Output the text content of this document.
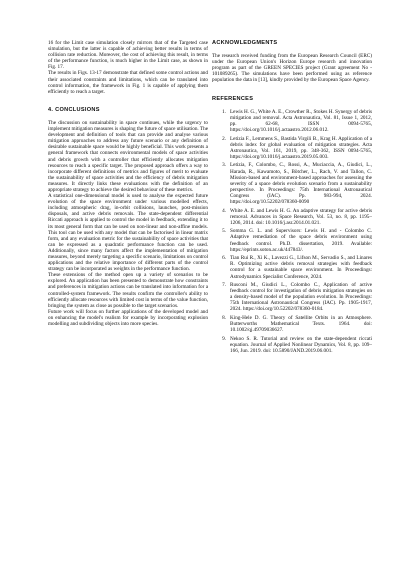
16 for the Limit case simulation closely mirrors that of the Targeted case simulation, but the latter is capable of achieving better results in terms of collision rate reduction. Moreover, the cost of achieving this result, in terms of the performance function, is much higher in the Limit case, as shown in Fig. 17.

The results in Figs. 13-17 demonstrate that defined some control actions and their associated constraints and limitations, which can be translated into control information, the framework in Fig. 1 is capable of applying them efficiently to reach a target.

4. CONCLUSIONS

The discussion on sustainability in space continues, while the urgency to implement mitigation measures is shaping the future of space utilisation. The development and definition of tools that can provide and analyse various mitigation approaches to address any future scenario or any definition of desirable sustainable space would be highly beneficial. This work presents a general framework that connects environmental models of space activities and debris growth with a controller that efficiently allocates mitigation resources to reach a specific target. The proposed approach offers a way to incorporate different definitions of metrics and figures of merit to evaluate the sustainability of space activities and the efficiency of debris mitigation measures. It directly links these evaluations with the definition of an appropriate strategy to achieve the desired behaviour of these metrics.

A statistical one-dimensional model is used to analyse the expected future evolution of the space environment under various modelled effects, including atmospheric drag, in-orbit collisions, launches, post-mission disposals, and active debris removals. The state-dependent differential Riccati approach is applied to control the model in feedback, extending it to its most general form that can be used on non-linear and non-affine models. This tool can be used with any model that can be factorised in linear matrix form, and any evaluation metric for the sustainability of space activities that can be expressed as a quadratic performance function can be used. Additionally, since many factors affect the implementation of mitigation measures, beyond merely targeting a specific scenario, limitations on control applications and the relative importance of different parts of the control strategy can be incorporated as weights in the performance function.

These extensions of the method open up a variety of scenarios to be explored. An application has been presented to demonstrate how constraints and preferences in mitigation actions can be translated into information for a controlled-system framework. The results confirm the controller's ability to efficiently allocate resources with limited cost in terms of the value function, bringing the system as close as possible to the target scenarios.

Future work will focus on further applications of the developed model and on enhancing the model's realism for example by incorporating explosion modelling and subdividing objects into more species.

ACKNOWLEDGMENTS

The research received funding from the European Research Council (ERC) under the European Union's Horizon Europe research and innovation program as part of the GREEN SPECIES project (Grant agreement No - 101089265). The simulations have been performed using as reference population the data in [13], kindly provided by the European Space Agency.

REFERENCES
1. Lewis H. G., White A. E., Crowther R., Stokes H. Synergy of debris mitigation and removal. Acta Astronautica, Vol. 81, Issue 1, 2012, pp. 62-68, ISSN 0094-5765, https://doi.org/10.1016/j.actaastro.2012.06.012.
2. Letizia F., Lemmens S., Bastida Virgili B., Krag H. Application of a debris index for global evaluation of mitigation strategies. Acta Astronautica, Vol. 161, 2019, pp. 348-362, ISSN 0094-5765, https://doi.org/10.1016/j.actaastro.2019.05.003.
3. Letizia, F., Colombo, C., Rossi, A., Muciaccia, A., Giudici, L., Harada, R., Kawamoto, S., Bötcher, L., Rach, V. and Tallon, C. Mission-based and environment-based approaches for assessing the severity of a space debris evolution scenario from a sustainability perspective. In Proceedings: 75th International Astronautical Congress (IAC). Pp. 983-994, 2024. https://doi.org/10.52202/078360-0090
4. White A. E. and Lewis H. G. An adaptive strategy for active debris removal. Advances in Space Research, Vol. 53, no. 8, pp. 1195–1206, 2014. doi: 10.1016/j.asr.2014.01.021.
5. Somma G. L. and Supervisors: Lewis H. and - Colombo C. Adaptive remediation of the space debris environment using feedback control. Ph.D. dissertation, 2019. Available: https://eprints.soton.ac.uk/447843/.
6. Tian Rui R., Xi K., Lavezzi G., Lifson M., Servadio S., and Linares R. Optimizing active debris removal strategies with feedback control for a sustainable space environment. In Proceedings: Astrodynamics Specialist Conference, 2024.
7. Rusconi M., Giudici L., Colombo C., Application of active feedback control for investigation of debris mitigation strategies on a density-based model of the population evolution. In Proceedings: 75th International Astronautical Congress (IAC). Pp. 1905-1917, 2024. https://doi.org/10.52202/078360-0184.
8. King-Hele D. G. Theory of Satellite Orbits in an Atmosphere. Butterworths Mathematical Texts. 1964. doi: 10.1002/qj.49709036627.
9. Nekoo S. R. Tutorial and review on the state-dependent riccati equation. Journal of Applied Nonlinear Dynamics, Vol. 8, pp. 109–166, Jun. 2019. doi: 10.5890/JAND.2019.06.001.
